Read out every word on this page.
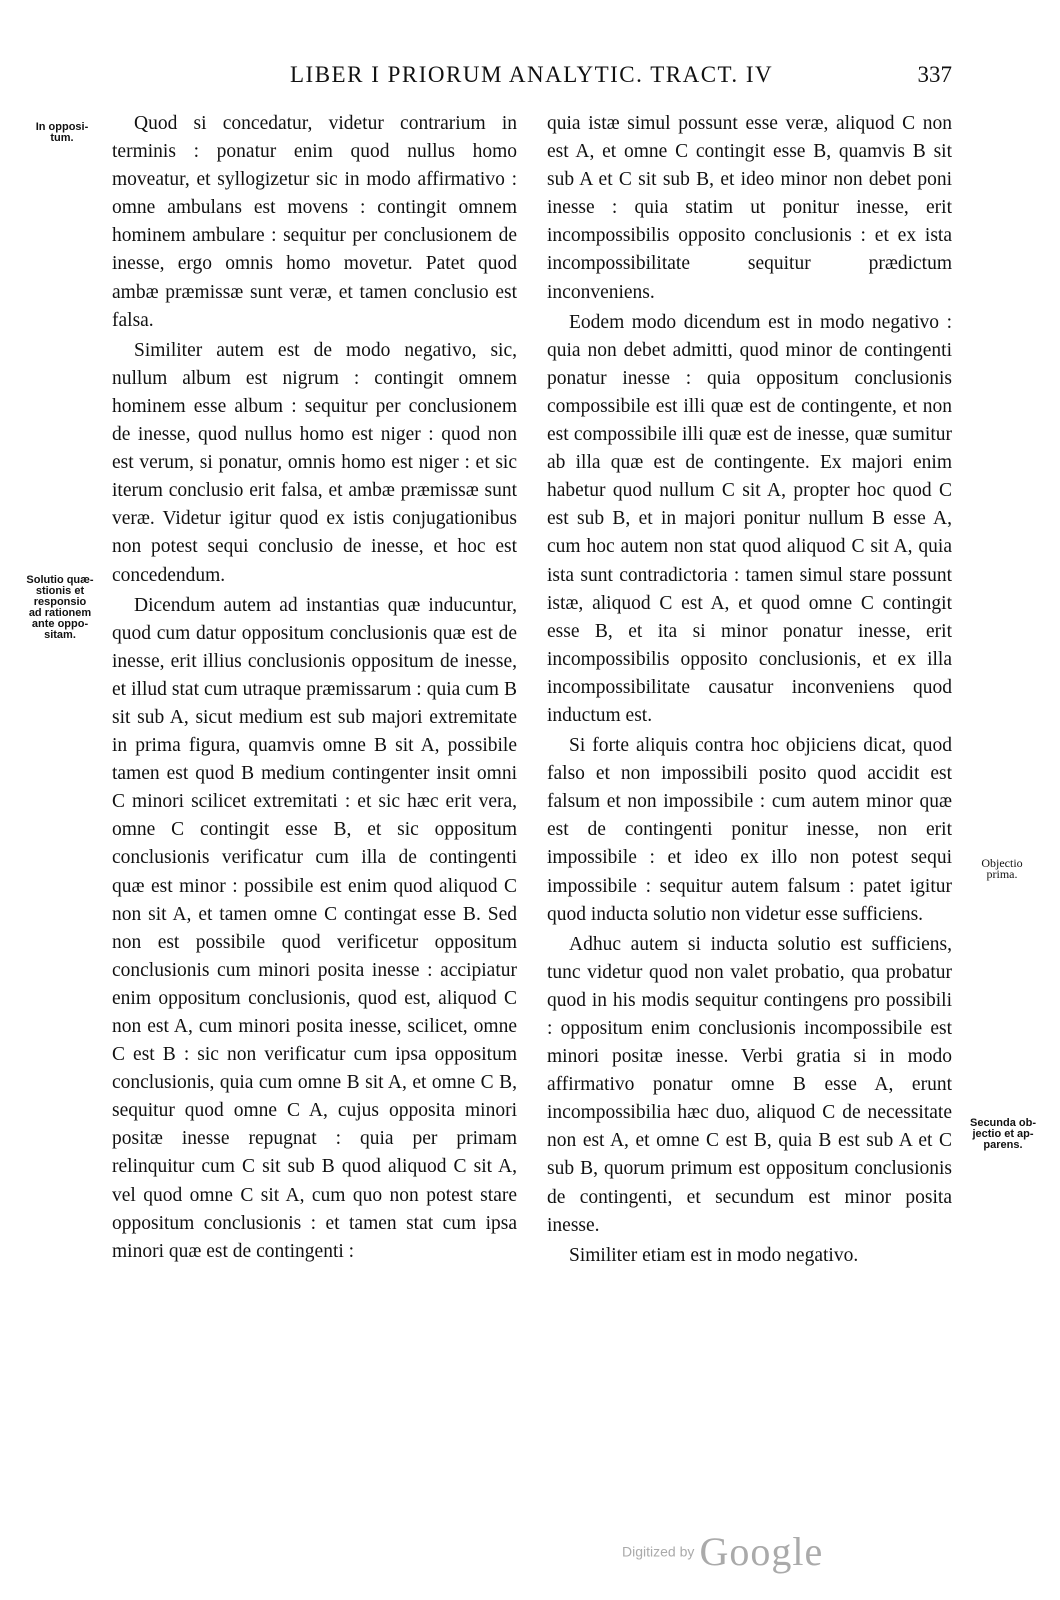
LIBER I PRIORUM ANALYTIC. TRACT. IV	337
In opposi-
tum.
Solutio quæ-
stionis et
responsio
ad rationem
ante oppo-
sitam.
Objectio
prima.
Secunda ob-
jectio et ap-
parens.

Quod si concedatur, videtur contrarium in terminis : ponatur enim quod nullus homo moveatur, et syllogizetur sic in modo affirmativo : omne ambulans est movens : contingit omnem hominem ambulare : sequitur per conclusionem de inesse, ergo omnis homo movetur. Patet quod ambæ præmissæ sunt veræ, et tamen conclusio est falsa.

Similiter autem est de modo negativo, sic, nullum album est nigrum : contingit omnem hominem esse album : sequitur per conclusionem de inesse, quod nullus homo est niger : quod non est verum, si ponatur, omnis homo est niger : et sic iterum conclusio erit falsa, et ambæ præmissæ sunt veræ. Videtur igitur quod ex istis conjugationibus non potest sequi conclusio de inesse, et hoc est concedendum.

Dicendum autem ad instantias quæ inducuntur, quod cum datur oppositum conclusionis quæ est de inesse, erit illius conclusionis oppositum de inesse, et illud stat cum utraque præmissarum : quia cum B sit sub A, sicut medium est sub majori extremitate in prima figura, quamvis omne B sit A, possibile tamen est quod B medium contingenter insit omni C minori scilicet extremitati : et sic hæc erit vera, omne C contingit esse B, et sic oppositum conclusionis verificatur cum illa de contingenti quæ est minor : possibile est enim quod aliquod C non sit A, et tamen omne C contingat esse B. Sed non est possibile quod verificetur oppositum conclusionis cum minori posita inesse : accipiatur enim oppositum conclusionis, quod est, aliquod C non est A, cum minori posita inesse, scilicet, omne C est B : sic non verificatur cum ipsa oppositum conclusionis, quia cum omne B sit A, et omne C B, sequitur quod omne C A, cujus opposita minori positæ inesse repugnat : quia per primam relinquitur cum C sit sub B quod aliquod C sit A, vel quod omne C sit A, cum quo non potest stare oppositum conclusionis : et tamen stat cum ipsa minori quæ est de contingenti :

quia istæ simul possunt esse veræ, aliquod C non est A, et omne C contingit esse B, quamvis B sit sub A et C sit sub B, et ideo minor non debet poni inesse : quia statim ut ponitur inesse, erit incompossibilis opposito conclusionis : et ex ista incompossibilitate sequitur prædictum inconveniens.

Eodem modo dicendum est in modo negativo : quia non debet admitti, quod minor de contingenti ponatur inesse : quia oppositum conclusionis compossibile est illi quæ est de contingente, et non est compossibile illi quæ est de inesse, quæ sumitur ab illa quæ est de contingente. Ex majori enim habetur quod nullum C sit A, propter hoc quod C est sub B, et in majori ponitur nullum B esse A, cum hoc autem non stat quod aliquod C sit A, quia ista sunt contradictoria : tamen simul stare possunt istæ, aliquod C est A, et quod omne C contingit esse B, et ita si minor ponatur inesse, erit incompossibilis opposito conclusionis, et ex illa incompossibilitate causatur inconveniens quod inductum est.

Si forte aliquis contra hoc objiciens dicat, quod falso et non impossibili posito quod accidit est falsum et non impossibile : cum autem minor quæ est de contingenti ponitur inesse, non erit impossibile : et ideo ex illo non potest sequi impossibile : sequitur autem falsum : patet igitur quod inducta solutio non videtur esse sufficiens.

Adhuc autem si inducta solutio est sufficiens, tunc videtur quod non valet probatio, qua probatur quod in his modis sequitur contingens pro possibili : oppositum enim conclusionis incompossibile est minori positæ inesse. Verbi gratia si in modo affirmativo ponatur omne B esse A, erunt incompossibilia hæc duo, aliquod C de necessitate non est A, et omne C est B, quia B est sub A et C sub B, quorum primum est oppositum conclusionis de contingenti, et secundum est minor posita inesse.

Similiter etiam est in modo negativo.

Digitized by Google
